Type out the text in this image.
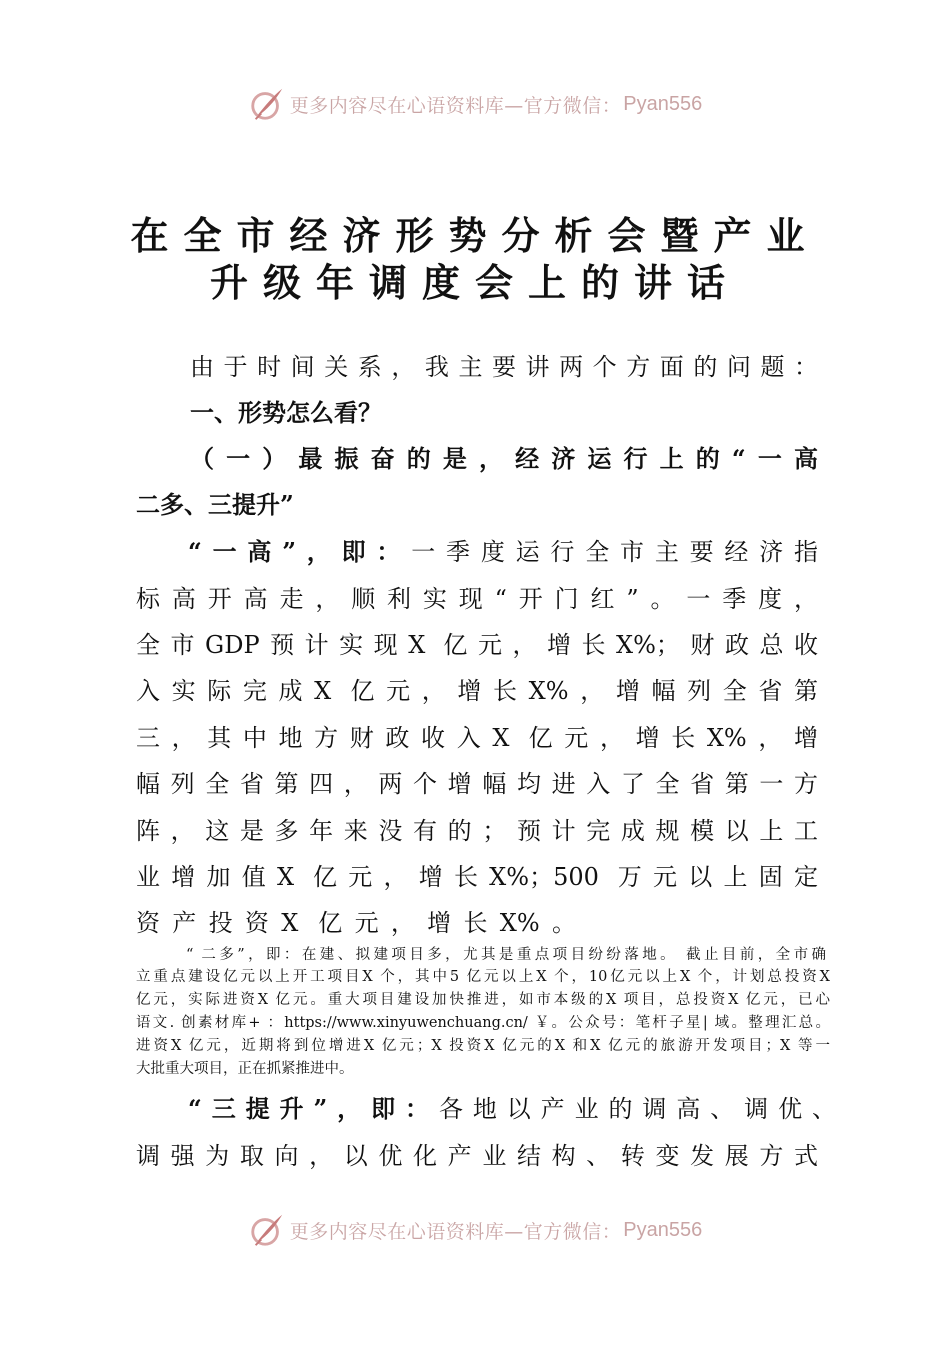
更多内容尽在心语资料库—官方微信： Pyan556
在全市经济形势分析会暨产业
升级年调度会上的讲话
由于时间关系，我主要讲两个方面的问题：
一、形势怎么看？
（一）最振奋的是，经济运行上的“一高
二多、三提升”
“一高”，即：一季度运行全市主要经济指
标高开高走，顺利实现“开门红”。一季度，
全市GDP预计实现X 亿元，增长X%；财政总收
入实际完成X 亿元，增长X%，增幅列全省第
三，其中地方财政收入X 亿元，增长X%，增
幅列全省第四，两个增幅均进入了全省第一方
阵，这是多年来没有的；预计完成规模以上工
业增加值X 亿元，增长X%；500 万元以上固定
资产投资X 亿元，增长X%。
“ 二多”，即：在建、拟建项目多，尤其是重点项目纷纷落地。 截止目前，全市确
立重点建设亿元以上开工项目X 个，其中5 亿元以上X 个，10亿元以上X 个，计划总投资X
亿元，实际进资X 亿元。重大项目建设加快推进，如市本级的X 项目，总投资X 亿元，已心
语文. 创素材库+ ：https://www.xinyuwenchuang.cn/ ￥。公众号：笔杆子星| 域。整理汇总。
进资X 亿元，近期将到位增进X 亿元；X 投资X 亿元的X 和X 亿元的旅游开发项目；X 等一
大批重大项目，正在抓紧推进中。
“三提升”，即：各地以产业的调高、调优、
调强为取向，以优化产业结构、转变发展方式
更多内容尽在心语资料库—官方微信： Pyan556
